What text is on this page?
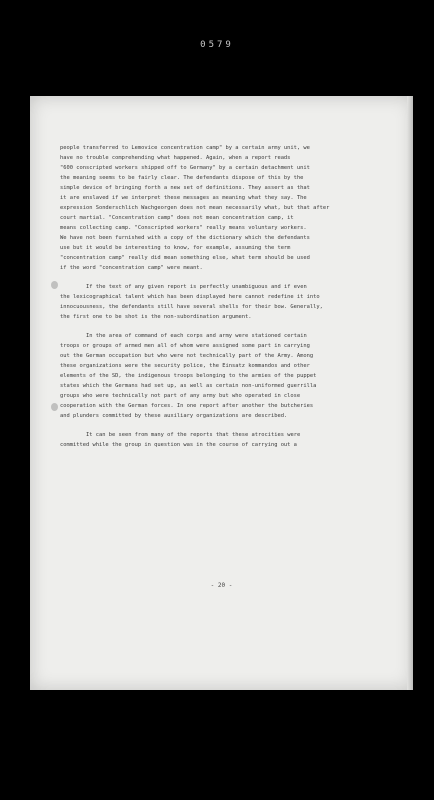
0579
people transferred to Lemovice concentration camp" by a certain army unit, we
have no trouble comprehending what happened. Again, when a report reads
"600 conscripted workers shipped off to Germany" by a certain detachment unit
the meaning seems to be fairly clear. The defendants dispose of this by the
simple device of bringing forth a new set of definitions. They assert as that
it are enslaved if we interpret these messages as meaning what they say. The
expression Sonderschlich Wachgeorgen does not mean necessarily what, but that after
court martial. "Concentration camp" does not mean concentration camp, it
means collecting camp. "Conscripted workers" really means voluntary workers.
We have not been furnished with a copy of the dictionary which the defendants
use but it would be interesting to know, for example, assuming the term
"concentration camp" really did mean something else, what term should be used
if the word "concentration camp" were meant.
If the text of any given report is perfectly unambiguous and if even
the lexicographical talent which has been displayed here cannot redefine it into
innocuousness, the defendants still have several shells for their bow. Generally,
the first one to be shot is the non-subordination argument.
In the area of command of each corps and army were stationed certain
troops or groups of armed men all of whom were assigned some part in carrying
out the German occupation but who were not technically part of the Army. Among
these organizations were the security police, the Einsatz kommandos and other
elements of the SD, the indigenous troops belonging to the armies of the puppet
states which the Germans had set up, as well as certain non-uniformed guerrilla
groups who were technically not part of any army but who operated in close
cooperation with the German forces. In one report after another the butcheries
and plunders committed by these auxiliary organizations are described.
It can be seen from many of the reports that these atrocities were
committed while the group in question was in the course of carrying out a
- 20 -
